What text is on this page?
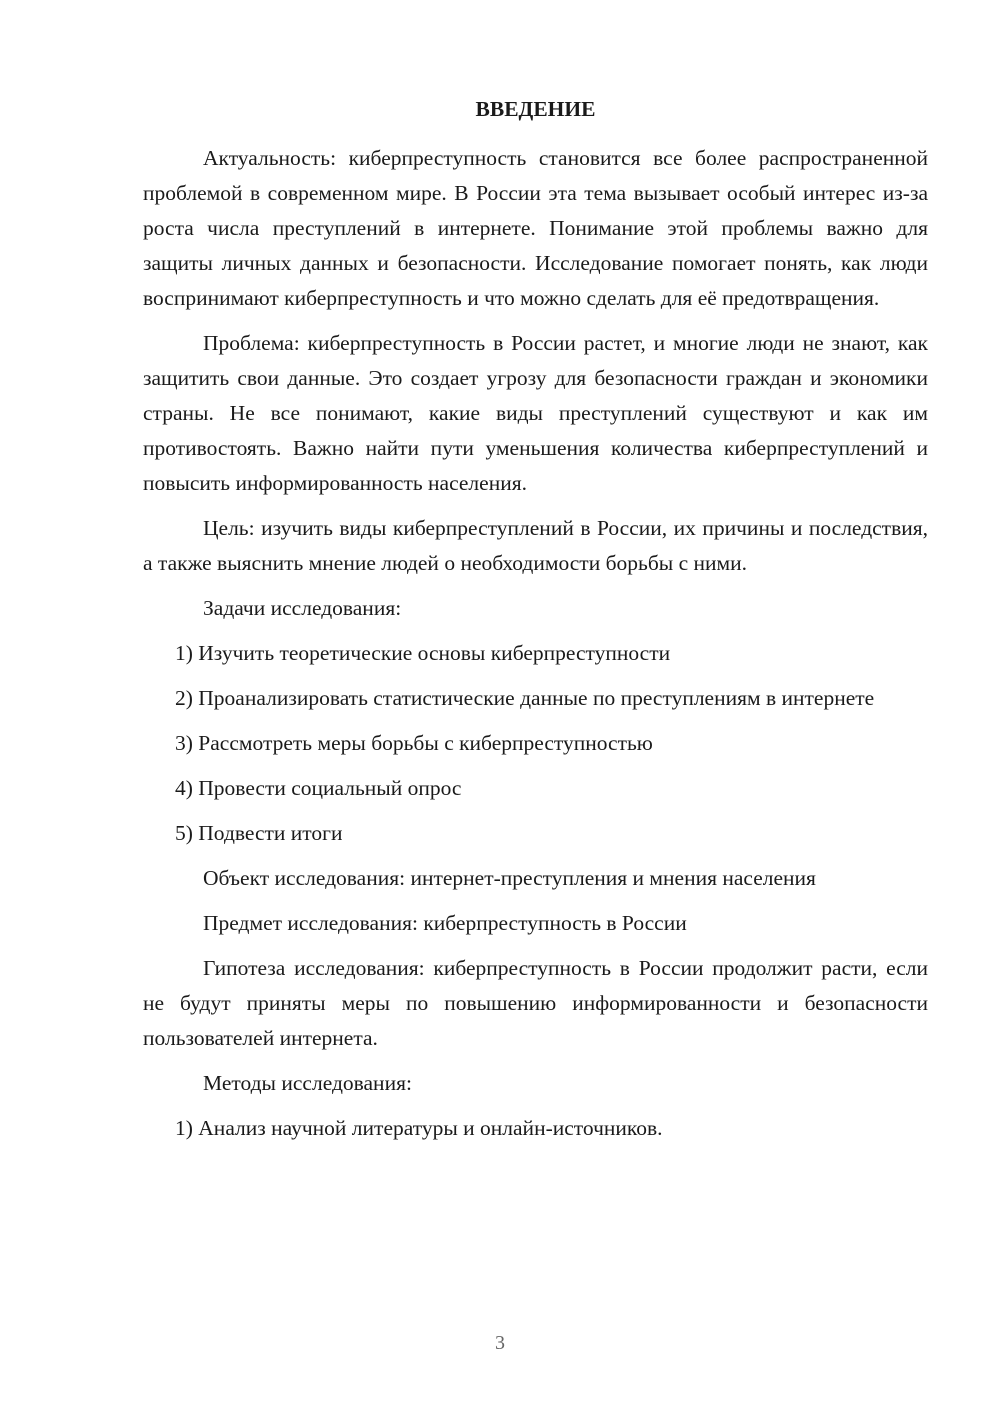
ВВЕДЕНИЕ

Актуальность: киберпреступность становится все более распространенной проблемой в современном мире. В России эта тема вызывает особый интерес из-за роста числа преступлений в интернете. Понимание этой проблемы важно для защиты личных данных и безопасности. Исследование помогает понять, как люди воспринимают киберпреступность и что можно сделать для её предотвращения.

Проблема: киберпреступность в России растет, и многие люди не знают, как защитить свои данные. Это создает угрозу для безопасности граждан и экономики страны. Не все понимают, какие виды преступлений существуют и как им противостоять. Важно найти пути уменьшения количества киберпреступлений и повысить информированность населения.

Цель: изучить виды киберпреступлений в России, их причины и последствия, а также выяснить мнение людей о необходимости борьбы с ними.

Задачи исследования:

1) Изучить теоретические основы киберпреступности

2) Проанализировать статистические данные по преступлениям в интернете

3) Рассмотреть меры борьбы с киберпреступностью

4) Провести социальный опрос

5) Подвести итоги

Объект исследования: интернет-преступления и мнения населения
Предмет исследования: киберпреступность в России

Гипотеза исследования: киберпреступность в России продолжит расти, если не будут приняты меры по повышению информированности и безопасности пользователей интернета.

Методы исследования:

1) Анализ научной литературы и онлайн-источников.

3
